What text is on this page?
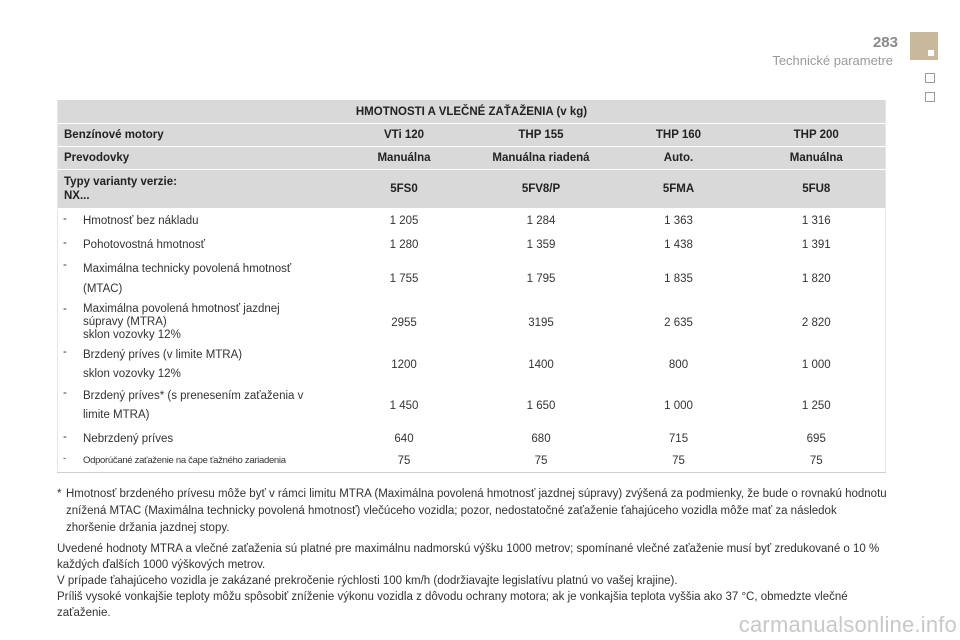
283
Technické parametre
HMOTNOSTI A VLEČNÉ ZAŤAŽENIA (v kg)				
Benzínové motory	VTi 120	THP 155	THP 160	THP 200
Prevodovky	Manuálna	Manuálna riadená	Auto.	Manuálna

Typy varianty verzie:
NX...	5FS0	5FV8/P	5FMA	5FU8

- Hmotnosť bez nákladu	1 205	1 284	1 363	1 316

- Pohotovostná hmotnosť	1 280	1 359	1 438	1 391

- Maximálna technicky povolená hmotnosť
(MTAC)	1 755	1 795	1 835	1 820

- Maximálna povolená hmotnosť jazdnej
súpravy (MTRA)
sklon vozovky 12%	2955	3195	2 635	2 820

- Brzdený príves (v limite MTRA)
sklon vozovky 12%	1200	1400	800	1 000

- Brzdený príves* (s prenesením zaťaženia v
limite MTRA)	1 450	1 650	1 000	1 250

- Nebrzdený príves	640	680	715	695

- Odporúčané zaťaženie na čape ťažného zariadenia	75	75	75	75
* Hmotnosť brzdeného prívesu môže byť v rámci limitu MTRA (Maximálna povolená hmotnosť jazdnej súpravy) zvýšená za podmienky, že bude o rovnakú hodnotu znížená MTAC (Maximálna technicky povolená hmotnosť) vlečúceho vozidla; pozor, nedostatočné zaťaženie ťahajúceho vozidla môže mať za následok zhoršenie držania jazdnej stopy.

Uvedené hodnoty MTRA a vlečné zaťaženia sú platné pre maximálnu nadmorskú výšku 1000 metrov; spomínané vlečné zaťaženie musí byť zredukované o 10 % každých ďalších 1000 výškových metrov.

V prípade ťahajúceho vozidla je zakázané prekročenie rýchlosti 100 km/h (dodržiavajte legislatívu platnú vo vašej krajine).

Príliš vysoké vonkajšie teploty môžu spôsobiť zníženie výkonu vozidla z dôvodu ochrany motora; ak je vonkajšia teplota vyššia ako 37 °C, obmedzte vlečné zaťaženie.	carmanualsonline.info
